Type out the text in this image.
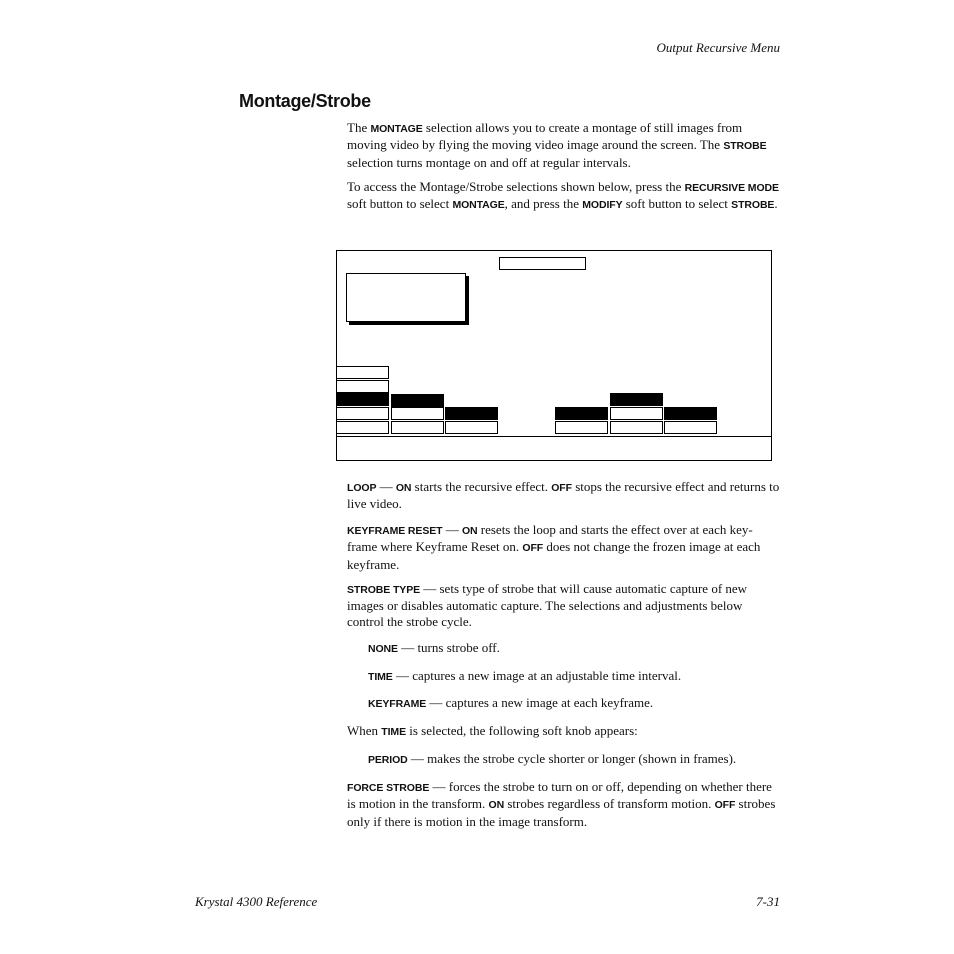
Output Recursive Menu
Montage/Strobe
The MONTAGE selection allows you to create a montage of still images from moving video by flying the moving video image around the screen. The STROBE selection turns montage on and off at regular intervals.
To access the Montage/Strobe selections shown below, press the RECURSIVE MODE soft button to select MONTAGE, and press the MODIFY soft button to select STROBE.
LOOP — ON starts the recursive effect. OFF stops the recursive effect and returns to live video.
KEYFRAME RESET — ON resets the loop and starts the effect over at each key-frame where Keyframe Reset on. OFF does not change the frozen image at each keyframe.
STROBE TYPE — sets type of strobe that will cause automatic capture of new images or disables automatic capture. The selections and adjustments below control the strobe cycle.
NONE — turns strobe off.
TIME — captures a new image at an adjustable time interval.
KEYFRAME — captures a new image at each keyframe.
When TIME is selected, the following soft knob appears:
PERIOD — makes the strobe cycle shorter or longer (shown in frames).
FORCE STROBE — forces the strobe to turn on or off, depending on whether there is motion in the transform. ON strobes regardless of transform motion. OFF strobes only if there is motion in the image transform.
Krystal 4300 Reference	7-31
